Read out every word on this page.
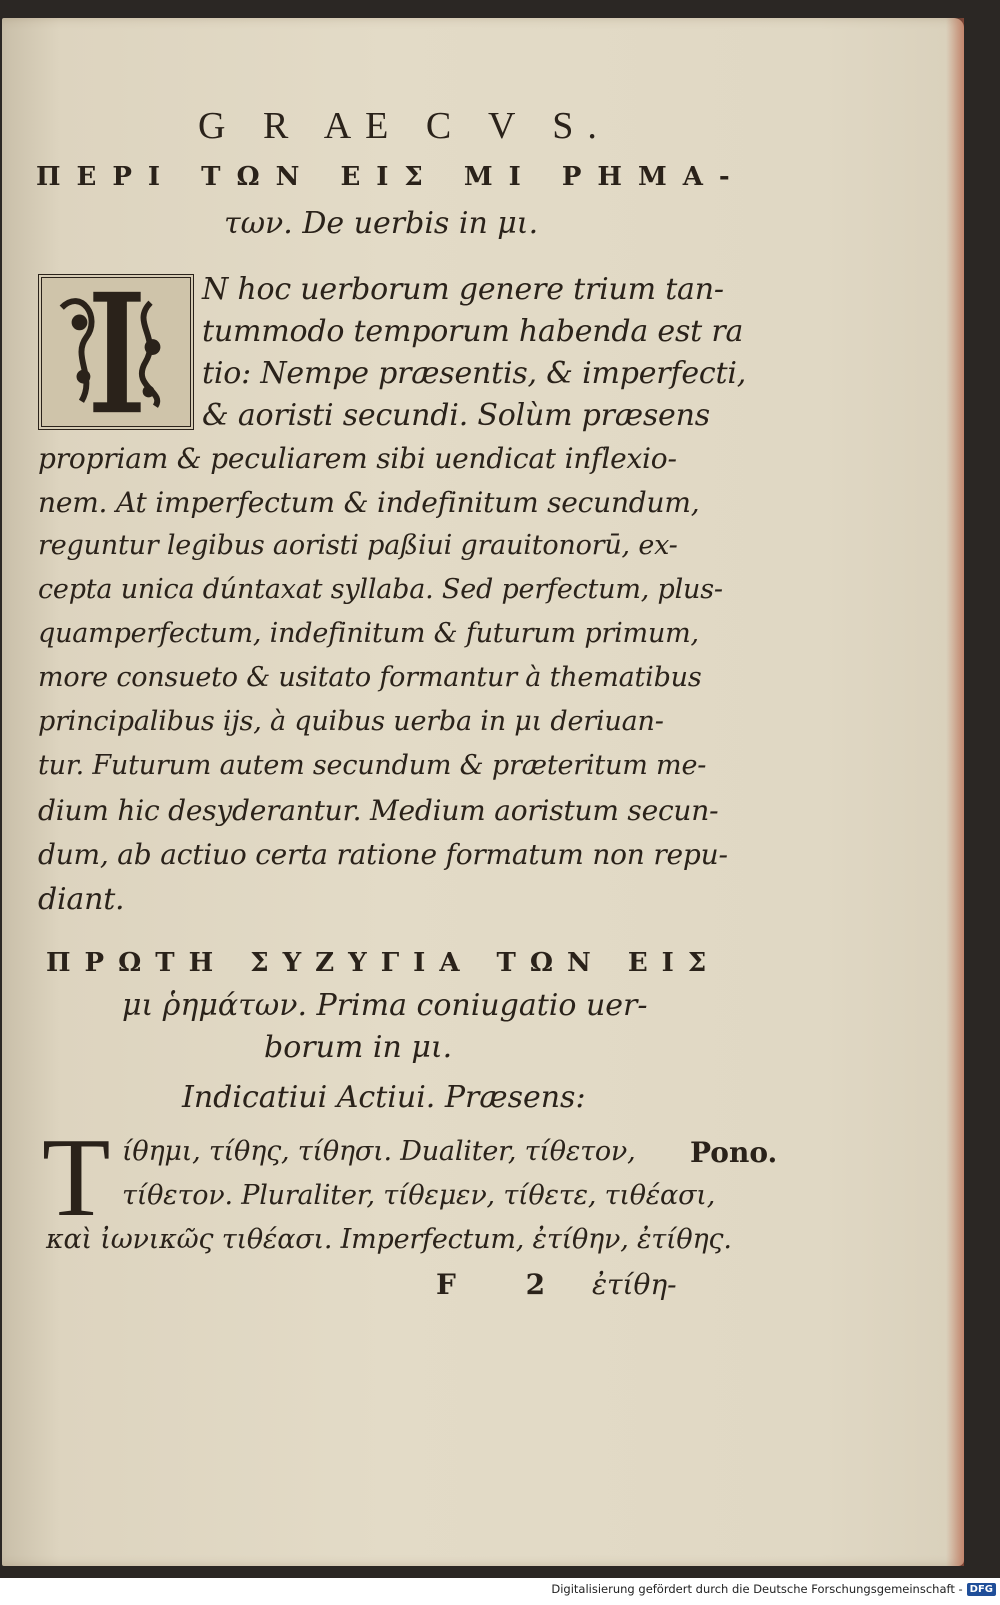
G R AE C V S.
ΠΕΡΙ ΤΩΝ ΕΙΣ ΜΙ ΡΗΜΑ-
των. De uerbis in μι.
N hoc uerborum genere trium tan-
tummodo temporum habenda est ra
tio: Nempe præsentis, & imperfecti,
& aoristi secundi. Solùm præsens
propriam & peculiarem sibi uendicat inflexio-
nem. At imperfectum & indefinitum secundum,
reguntur legibus aoristi paßiui grauitonorū, ex-
cepta unica dúntaxat syllaba. Sed perfectum, plus-
quamperfectum, indefinitum & futurum primum,
more consueto & usitato formantur à thematibus
principalibus ijs, à quibus uerba in μι deriuan-
tur. Futurum autem secundum & præteritum me-
dium hic desyderantur. Medium aoristum secun-
dum, ab actiuo certa ratione formatum non repu-
diant.
ΠΡΩΤΗ ΣΥΖΥΓΙΑ ΤΩΝ ΕΙΣ
μι ῥημάτων. Prima coniugatio uer-
borum in μι.
Indicatiui Actiui. Præsens:
T ίθημι, τίθης, τίθησι. Dualiter, τίθετον,
τίθετον. Pluraliter, τίθεμεν, τίθετε, τιθέασι,
καὶ ἰωνικῶς τιθέασι. Imperfectum, ἐτίθην, ἐτίθης.
Pono.
F 2 ἐτίθη-
Digitalisierung gefördert durch die Deutsche Forschungsgemeinschaft - DFG
